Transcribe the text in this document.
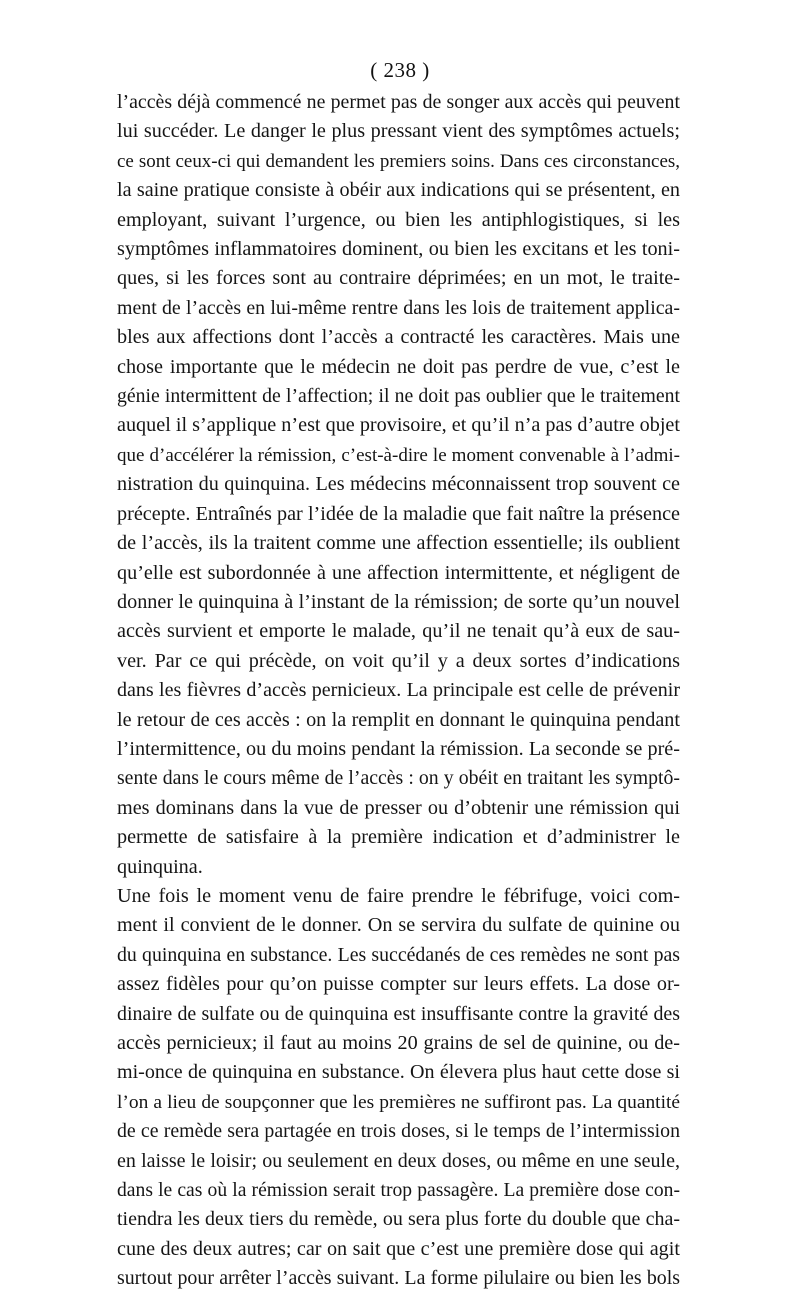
( 238 )
l’accès déjà commencé ne permet pas de songer aux accès qui peuvent
lui succéder. Le danger le plus pressant vient des symptômes actuels;
ce sont ceux-ci qui demandent les premiers soins. Dans ces circonstances,
la saine pratique consiste à obéir aux indications qui se présentent, en
employant, suivant l’urgence, ou bien les antiphlogistiques, si les
symptômes inflammatoires dominent, ou bien les excitans et les toni-
ques, si les forces sont au contraire déprimées; en un mot, le traite-
ment de l’accès en lui-même rentre dans les lois de traitement applica-
bles aux affections dont l’accès a contracté les caractères. Mais une
chose importante que le médecin ne doit pas perdre de vue, c’est le
génie intermittent de l’affection; il ne doit pas oublier que le traitement
auquel il s’applique n’est que provisoire, et qu’il n’a pas d’autre objet
que d’accélérer la rémission, c’est-à-dire le moment convenable à l’admi-
nistration du quinquina. Les médecins méconnaissent trop souvent ce
précepte. Entraînés par l’idée de la maladie que fait naître la présence
de l’accès, ils la traitent comme une affection essentielle; ils oublient
qu’elle est subordonnée à une affection intermittente, et négligent de
donner le quinquina à l’instant de la rémission; de sorte qu’un nouvel
accès survient et emporte le malade, qu’il ne tenait qu’à eux de sau-
ver. Par ce qui précède, on voit qu’il y a deux sortes d’indications
dans les fièvres d’accès pernicieux. La principale est celle de prévenir
le retour de ces accès : on la remplit en donnant le quinquina pendant
l’intermittence, ou du moins pendant la rémission. La seconde se pré-
sente dans le cours même de l’accès : on y obéit en traitant les symptô-
mes dominans dans la vue de presser ou d’obtenir une rémission qui
permette de satisfaire à la première indication et d’administrer le
quinquina.
Une fois le moment venu de faire prendre le fébrifuge, voici com-
ment il convient de le donner. On se servira du sulfate de quinine ou
du quinquina en substance. Les succédanés de ces remèdes ne sont pas
assez fidèles pour qu’on puisse compter sur leurs effets. La dose or-
dinaire de sulfate ou de quinquina est insuffisante contre la gravité des
accès pernicieux; il faut au moins 20 grains de sel de quinine, ou de-
mi-once de quinquina en substance. On élevera plus haut cette dose si
l’on a lieu de soupçonner que les premières ne suffiront pas. La quantité
de ce remède sera partagée en trois doses, si le temps de l’intermission
en laisse le loisir; ou seulement en deux doses, ou même en une seule,
dans le cas où la rémission serait trop passagère. La première dose con-
tiendra les deux tiers du remède, ou sera plus forte du double que cha-
cune des deux autres; car on sait que c’est une première dose qui agit
surtout pour arrêter l’accès suivant. La forme pilulaire ou bien les bols
